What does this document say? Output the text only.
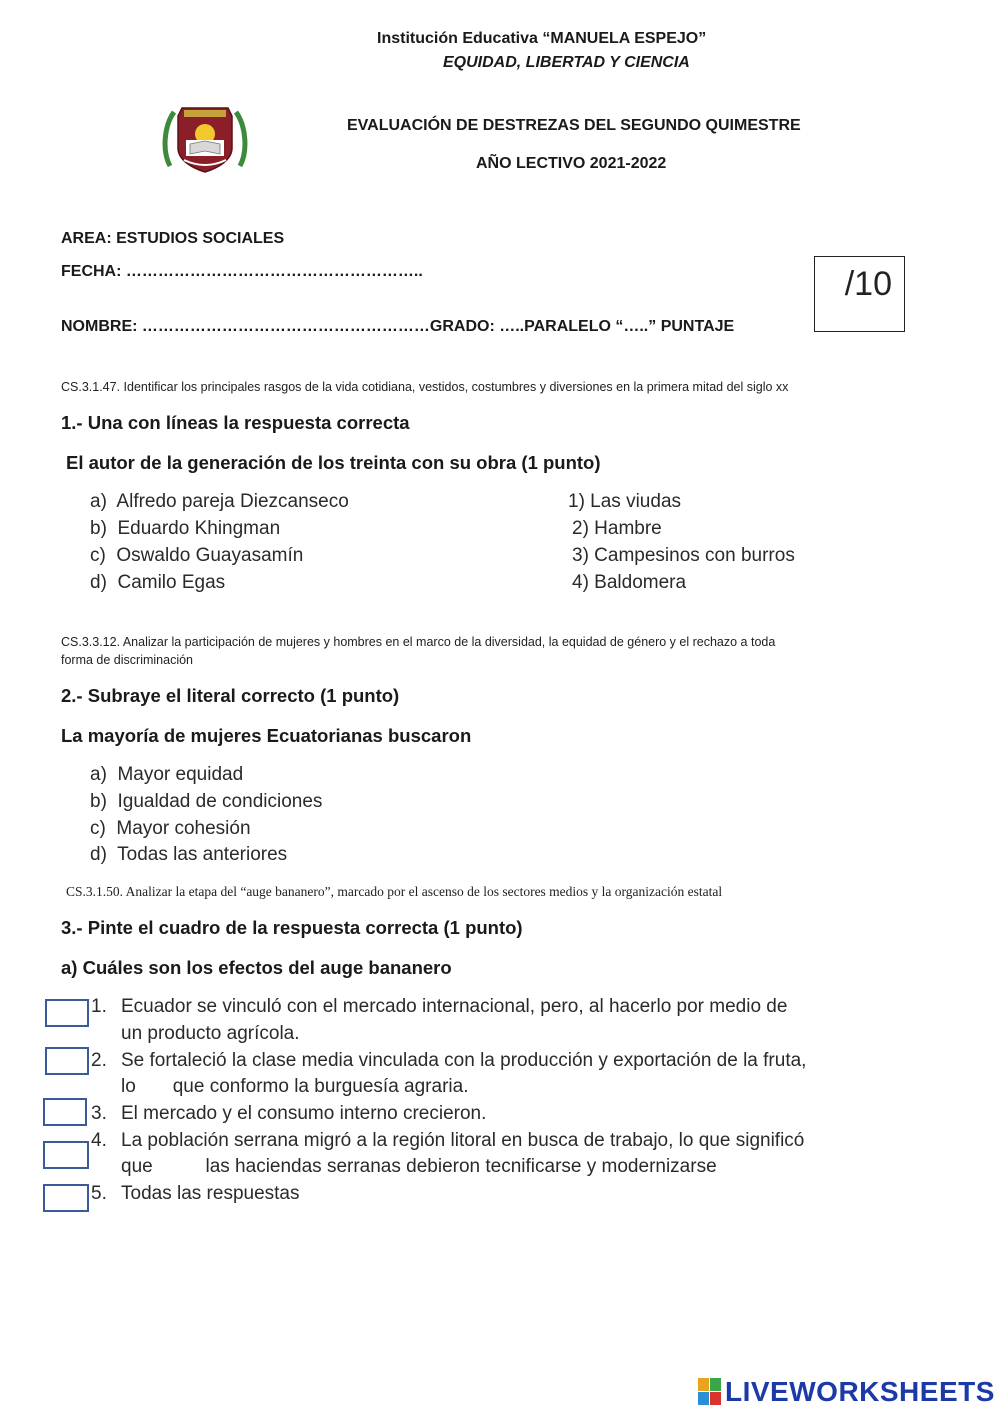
Institución Educativa “MANUELA ESPEJO”
EQUIDAD, LIBERTAD Y CIENCIA
EVALUACIÓN DE DESTREZAS DEL SEGUNDO QUIMESTRE
AÑO LECTIVO 2021-2022
AREA: ESTUDIOS SOCIALES
FECHA: ………………………………………………..
NOMBRE: ………………………………………………GRADO: …..PARALELO “…..” PUNTAJE
/10
CS.3.1.47. Identificar los principales rasgos de la vida cotidiana, vestidos, costumbres y diversiones en la primera mitad del siglo xx
1.- Una con líneas la respuesta correcta
El autor de la generación de los treinta con su obra (1 punto)
a) Alfredo pareja Diezcanseco
b) Eduardo Khingman
c) Oswaldo Guayasamín
d) Camilo Egas
1) Las viudas
2) Hambre
3) Campesinos con burros
4) Baldomera
CS.3.3.12. Analizar la participación de mujeres y hombres en el marco de la diversidad, la equidad de género y el rechazo a toda
forma de discriminación
2.- Subraye el literal correcto (1 punto)
La mayoría de mujeres Ecuatorianas buscaron
a) Mayor equidad
b) Igualdad de condiciones
c) Mayor cohesión
d) Todas las anteriores
CS.3.1.50. Analizar la etapa del “auge bananero”, marcado por el ascenso de los sectores medios y la organización estatal
3.- Pinte el cuadro de la respuesta correcta (1 punto)
a) Cuáles son los efectos del auge bananero
1. Ecuador se vinculó con el mercado internacional, pero, al hacerlo por medio de
un producto agrícola.
2. Se fortaleció la clase media vinculada con la producción y exportación de la fruta,
lo       que conformo la burguesía agraria.
3. El mercado y el consumo interno crecieron.
4. La población serrana migró a la región litoral en busca de trabajo, lo que significó
que          las haciendas serranas debieron tecnificarse y modernizarse
5. Todas las respuestas
LIVEWORKSHEETS
